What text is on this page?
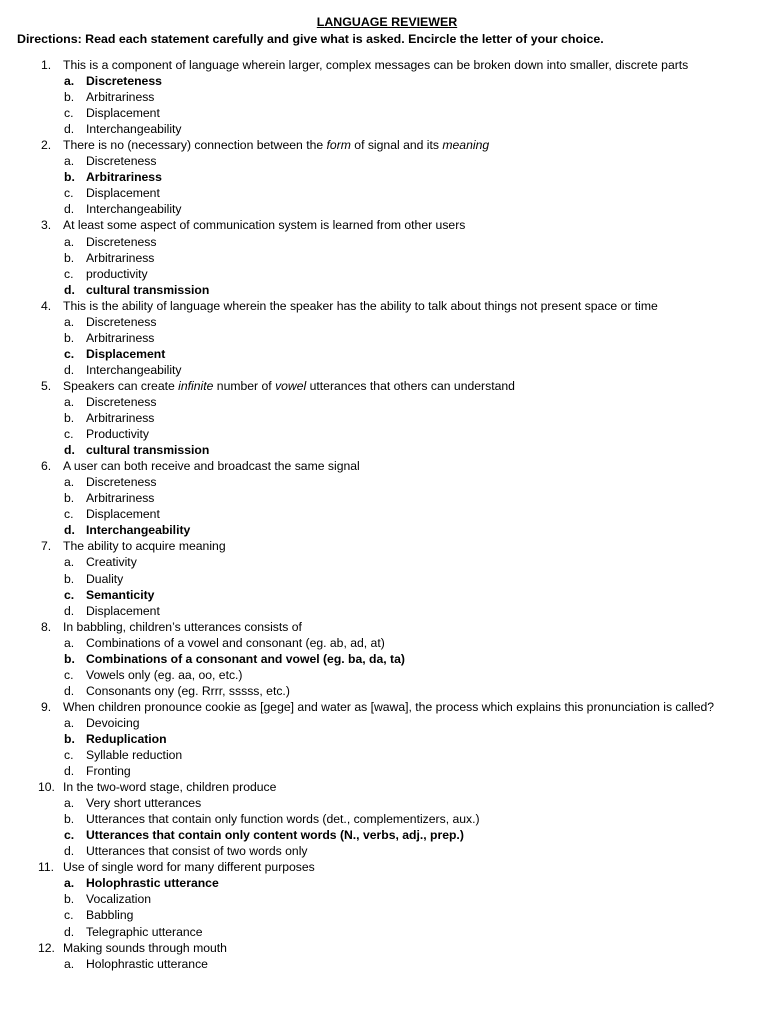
LANGUAGE REVIEWER
Directions: Read each statement carefully and give what is asked. Encircle the letter of your choice.
1. This is a component of language wherein larger, complex messages can be broken down into smaller, discrete parts
a. Discreteness
b. Arbitrariness
c. Displacement
d. Interchangeability
2. There is no (necessary) connection between the form of signal and its meaning
a. Discreteness
b. Arbitrariness
c. Displacement
d. Interchangeability
3. At least some aspect of communication system is learned from other users
a. Discreteness
b. Arbitrariness
c. productivity
d. cultural transmission
4. This is the ability of language wherein the speaker has the ability to talk about things not present space or time
a. Discreteness
b. Arbitrariness
c. Displacement
d. Interchangeability
5. Speakers can create infinite number of vowel utterances that others can understand
a. Discreteness
b. Arbitrariness
c. Productivity
d. cultural transmission
6. A user can both receive and broadcast the same signal
a. Discreteness
b. Arbitrariness
c. Displacement
d. Interchangeability
7. The ability to acquire meaning
a. Creativity
b. Duality
c. Semanticity
d. Displacement
8. In babbling, children’s utterances consists of
a. Combinations of a vowel and consonant (eg. ab, ad, at)
b. Combinations of a consonant and vowel (eg. ba, da, ta)
c. Vowels only (eg. aa, oo, etc.)
d. Consonants ony (eg. Rrrr, sssss, etc.)
9. When children pronounce cookie as [gege] and water as [wawa], the process which explains this pronunciation is called?
a. Devoicing
b. Reduplication
c. Syllable reduction
d. Fronting
10. In the two-word stage, children produce
a. Very short utterances
b. Utterances that contain only function words (det., complementizers, aux.)
c. Utterances that contain only content words (N., verbs, adj., prep.)
d. Utterances that consist of two words only
11. Use of single word for many different purposes
a. Holophrastic utterance
b. Vocalization
c. Babbling
d. Telegraphic utterance
12. Making sounds through mouth
a. Holophrastic utterance
